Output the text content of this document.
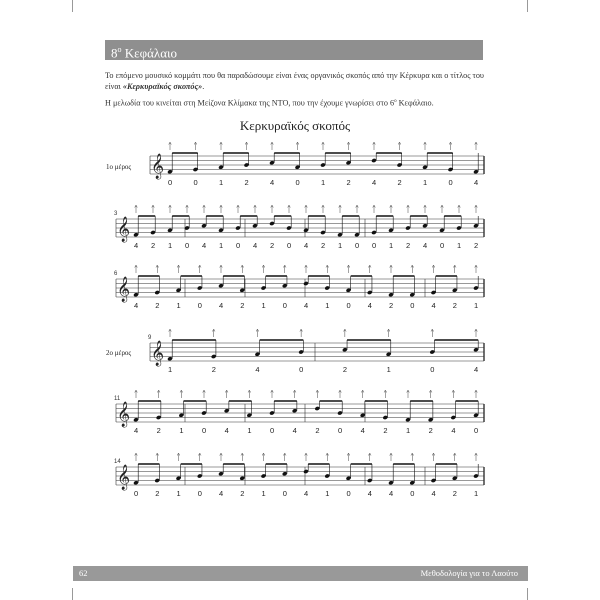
$8^o$ Κεφάλαιο
Το επόμενο μουσικό κομμάτι που θα παραδώσουμε είναι ένας οργανικός σκοπός από την Κέρκυρα και ο τίτλος του είναι «Κερκυραϊκός σκοπός».
Η μελωδία του κινείται στη Μείζονα Κλίμακα της ΝΤΟ, που την έχουμε γνωρίσει στο $6^o$ Κεφάλαιο.
Κερκυραϊκός σκοπός
1ο μέρος
2ο μέρος
𝄞
0	0	1	2	4	0	1	2	4	2	1	0	4
𝄞
3
4 2 1 0 4 1 0 4 2 0 4 2 1 0 0 1 2 4 0 1 2
𝄞
6
4 2 1 0 4 2 1 0 4 1 0 4 2 0 4 2 1
𝄞
9
1	2	4	0	2	1	0	4
𝄞
11
4 2 1 0 4 1 0 4 2 0 4 2 1 2 4 0
𝄞
14
0 2 1 0 4 2 1 0 4 1 0 4 4 0 4 2 1
62	Μεθοδολογία για το Λαούτο
